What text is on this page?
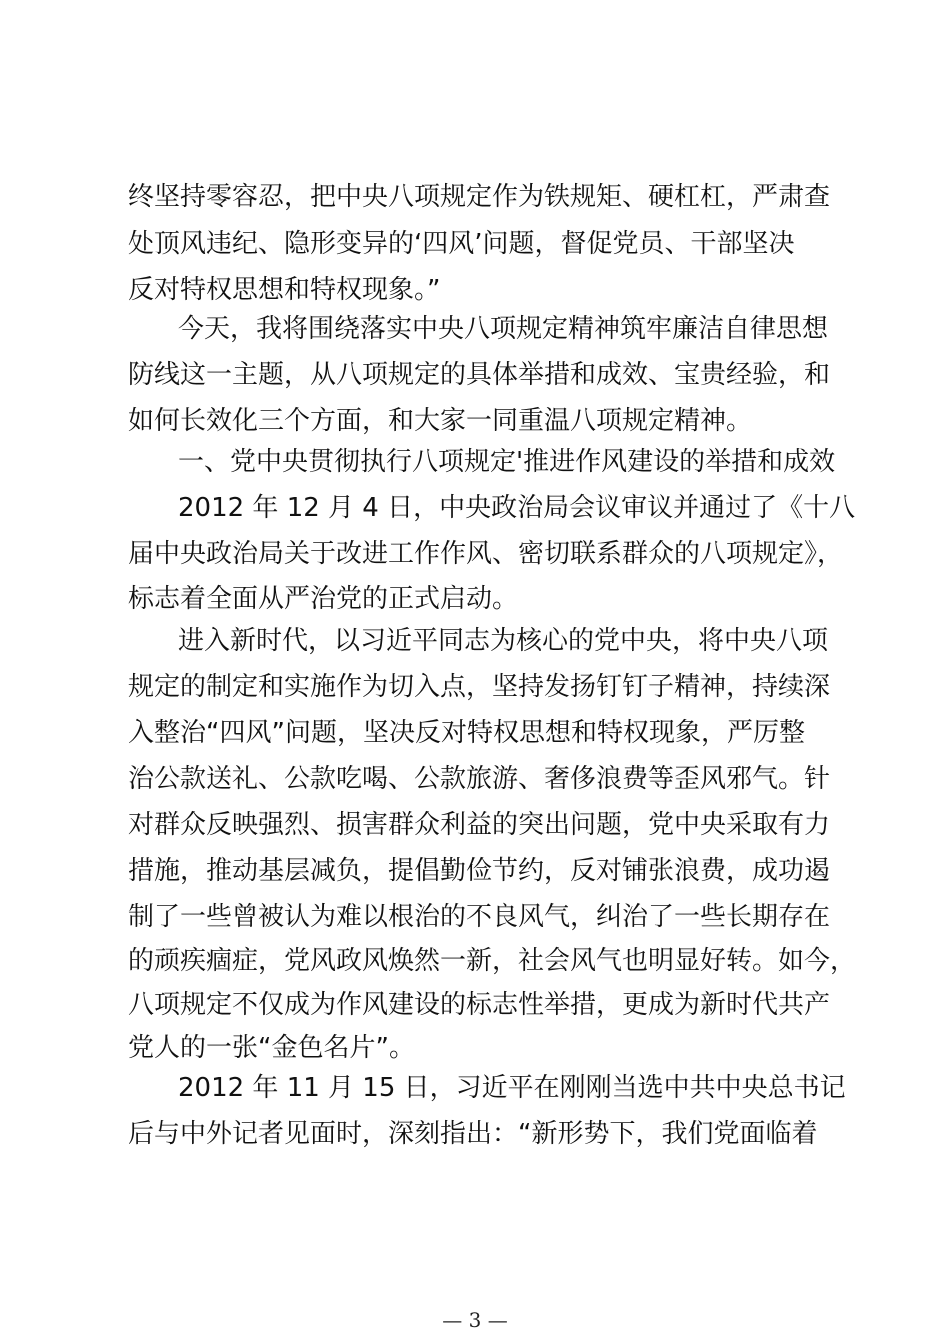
终坚持零容忍，把中央八项规定作为铁规矩、硬杠杠，严肃查
处顶风违纪、隐形变异的‘四风’问题，督促党员、干部坚决
反对特权思想和特权现象。”
今天，我将围绕落实中央八项规定精神筑牢廉洁自律思想
防线这一主题，从八项规定的具体举措和成效、宝贵经验，和
如何长效化三个方面，和大家一同重温八项规定精神。
一、党中央贯彻执行八项规定'推进作风建设的举措和成效
2012 年 12 月 4 日，中央政治局会议审议并通过了《十八
届中央政治局关于改进工作作风、密切联系群众的八项规定》，
标志着全面从严治党的正式启动。
进入新时代，以习近平同志为核心的党中央，将中央八项
规定的制定和实施作为切入点，坚持发扬钉钉子精神，持续深
入整治“四风”问题，坚决反对特权思想和特权现象，严厉整
治公款送礼、公款吃喝、公款旅游、奢侈浪费等歪风邪气。针
对群众反映强烈、损害群众利益的突出问题，党中央采取有力
措施，推动基层减负，提倡勤俭节约，反对铺张浪费，成功遏
制了一些曾被认为难以根治的不良风气，纠治了一些长期存在
的顽疾痼症，党风政风焕然一新，社会风气也明显好转。如今，
八项规定不仅成为作风建设的标志性举措，更成为新时代共产
党人的一张“金色名片”。
2012 年 11 月 15 日，习近平在刚刚当选中共中央总书记
后与中外记者见面时，深刻指出：“新形势下，我们党面临着
— 3 —
